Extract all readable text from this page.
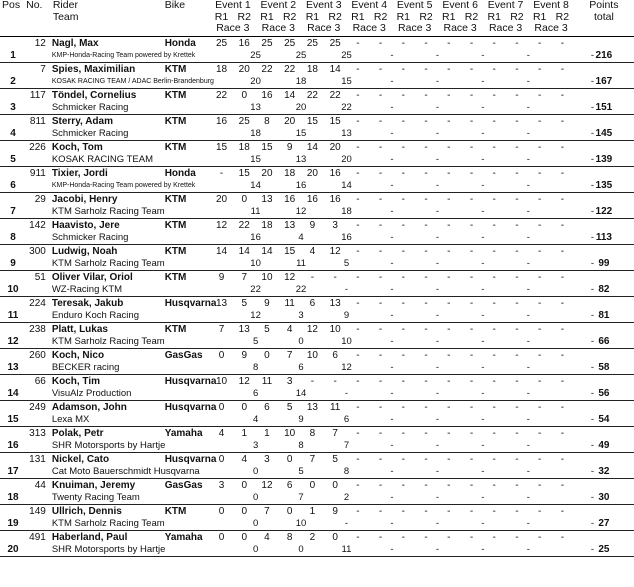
Pos	No.	Rider	Bike	Event 1		Event 2		Event 3		Event 4		Event 5		Event 6		Event 7		Event 8		Points
		Team		R1	R2	R1	R2	R1	R2	R1	R2	R1	R2	R1	R2	R1	R2	R1	R2	total
				Race 3		Race 3		Race 3		Race 3		Race 3		Race 3		Race 3		Race 3		
1	12	Nagl, Max	Honda	25	16	25	25	25	25	-	-	-	-	-	-	-	-	-	-	216
		KMP-Honda-Racing Team powered by Krettek			25		25		25		-		-		-		-		-	
2	7	Spies, Maximilian	KTM	18	20	22	22	18	14	-	-	-	-	-	-	-	-	-	-	167
		KOSAK RACING TEAM / ADAC Berlin-Brandenburg			20		18		15		-		-		-		-		-	
3	117	Töndel, Cornelius	KTM	22	0	16	14	22	22	-	-	-	-	-	-	-	-	-	-	151
		Schmicker Racing			13		20		22		-		-		-		-		-	
4	811	Sterry, Adam	KTM	16	25	8	20	15	15	-	-	-	-	-	-	-	-	-	-	145
		Schmicker Racing			18		15		13		-		-		-		-		-	
5	226	Koch, Tom	KTM	15	18	15	9	14	20	-	-	-	-	-	-	-	-	-	-	139
		KOSAK RACING TEAM			15		13		20		-		-		-		-		-	
6	911	Tixier, Jordi	Honda	-	15	20	18	20	16	-	-	-	-	-	-	-	-	-	-	135
		KMP-Honda-Racing Team powered by Krettek			14		16		14		-		-		-		-		-	
7	29	Jacobi, Henry	KTM	20	0	13	16	16	16	-	-	-	-	-	-	-	-	-	-	122
		KTM Sarholz Racing Team			11		12		18		-		-		-		-		-	
8	142	Haavisto, Jere	KTM	12	22	18	13	9	3	-	-	-	-	-	-	-	-	-	-	113
		Schmicker Racing			16		4		16		-		-		-		-		-	
9	300	Ludwig, Noah	KTM	14	14	14	15	4	12	-	-	-	-	-	-	-	-	-	-	99
		KTM Sarholz Racing Team			10		11		5		-		-		-		-		-	
10	51	Oliver Vilar, Oriol	KTM	9	7	10	12	-	-	-	-	-	-	-	-	-	-	-	-	82
		WZ-Racing KTM			22		22		-		-		-		-		-		-	
11	224	Teresak, Jakub	Husqvarna	13	5	9	11	6	13	-	-	-	-	-	-	-	-	-	-	81
		Enduro Koch Racing			12		3		9		-		-		-		-		-	
12	238	Platt, Lukas	KTM	7	13	5	4	12	10	-	-	-	-	-	-	-	-	-	-	66
		KTM Sarholz Racing Team			5		0		10		-		-		-		-		-	
13	260	Koch, Nico	GasGas	0	9	0	7	10	6	-	-	-	-	-	-	-	-	-	-	58
		BECKER racing			8		6		12		-		-		-		-		-	
14	66	Koch, Tim	Husqvarna	10	12	11	3	-	-	-	-	-	-	-	-	-	-	-	-	56
		VisuAlz Production			6		14		-		-		-		-		-		-	
15	249	Adamson, John	Husqvarna	0	0	6	5	13	11	-	-	-	-	-	-	-	-	-	-	54
		Lexa MX			4		9		6		-		-		-		-		-	
16	313	Polak, Petr	Yamaha	4	1	1	10	8	7	-	-	-	-	-	-	-	-	-	-	49
		SHR Motorsports by Hartje			3		8		7		-		-		-		-		-	
17	131	Nickel, Cato	Husqvarna	0	4	3	0	7	5	-	-	-	-	-	-	-	-	-	-	32
		Cat Moto Bauerschmidt Husqvarna			0		5		8		-		-		-		-		-	
18	44	Knuiman, Jeremy	GasGas	3	0	12	6	0	0	-	-	-	-	-	-	-	-	-	-	30
		Twenty Racing Team			0		7		2		-		-		-		-		-	
19	149	Ullrich, Dennis	KTM	0	0	7	0	1	9	-	-	-	-	-	-	-	-	-	-	27
		KTM Sarholz Racing Team			0		10		-		-		-		-		-		-	
20	491	Haberland, Paul	Yamaha	0	0	4	8	2	0	-	-	-	-	-	-	-	-	-	-	25
		SHR Motorsports by Hartje			0		0		11		-		-		-		-		-	
